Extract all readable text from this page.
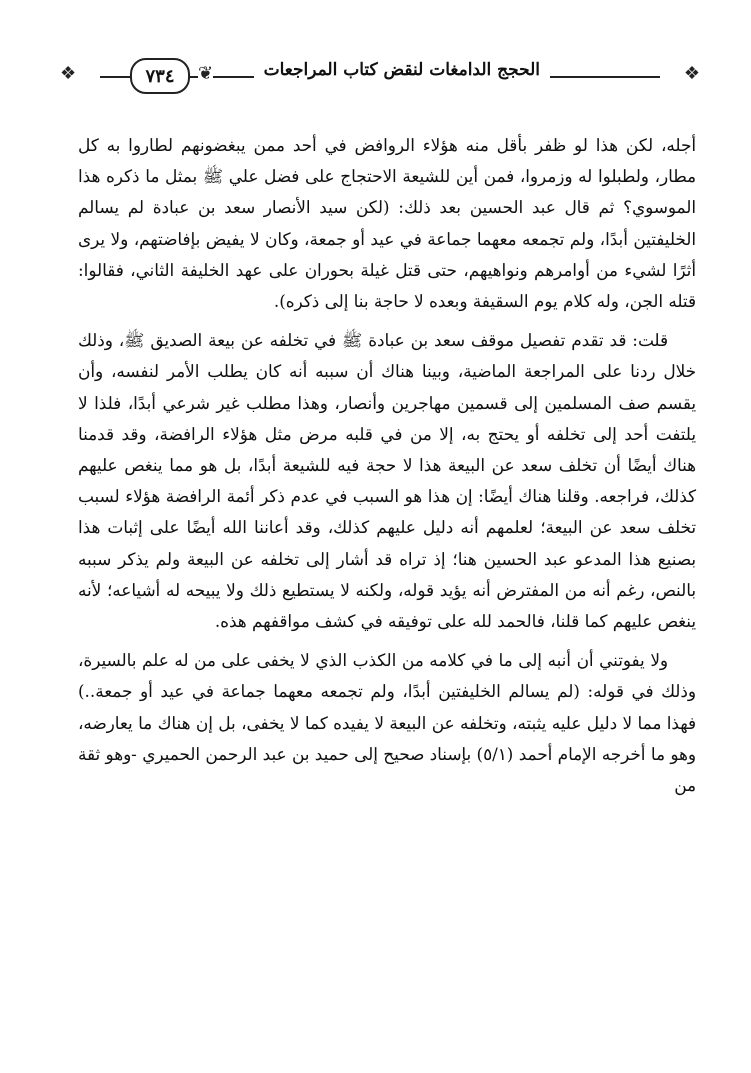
❖	❦
٧٣٤	الحجج الدامغات لنقض كتاب المراجعات	❖

أجله، لكن هذا لو ظفر بأقل منه هؤلاء الروافض في أحد ممن يبغضونهم لطاروا به كل مطار، ولطبلوا له وزمروا، فمن أين للشيعة الاحتجاج على فضل علي ﷺ بمثل ما ذكره هذا الموسوي؟ ثم قال عبد الحسين بعد ذلك: (لكن سيد الأنصار سعد بن عبادة لم يسالم الخليفتين أبدًا، ولم تجمعه معهما جماعة في عيد أو جمعة، وكان لا يفيض بإفاضتهم، ولا يرى أثرًا لشيء من أوامرهم ونواهيهم، حتى قتل غيلة بحوران على عهد الخليفة الثاني، فقالوا: قتله الجن، وله كلام يوم السقيفة وبعده لا حاجة بنا إلى ذكره).

قلت: قد تقدم تفصيل موقف سعد بن عبادة ﷺ في تخلفه عن بيعة الصديق ﷺ، وذلك خلال ردنا على المراجعة الماضية، وبينا هناك أن سببه أنه كان يطلب الأمر لنفسه، وأن يقسم صف المسلمين إلى قسمين مهاجرين وأنصار، وهذا مطلب غير شرعي أبدًا، فلذا لا يلتفت أحد إلى تخلفه أو يحتج به، إلا من في قلبه مرض مثل هؤلاء الرافضة، وقد قدمنا هناك أيضًا أن تخلف سعد عن البيعة هذا لا حجة فيه للشيعة أبدًا، بل هو مما ينغص عليهم كذلك، فراجعه. وقلنا هناك أيضًا: إن هذا هو السبب في عدم ذكر أئمة الرافضة هؤلاء لسبب تخلف سعد عن البيعة؛ لعلمهم أنه دليل عليهم كذلك، وقد أعاننا الله أيضًا على إثبات هذا بصنيع هذا المدعو عبد الحسين هنا؛ إذ تراه قد أشار إلى تخلفه عن البيعة ولم يذكر سببه بالنص، رغم أنه من المفترض أنه يؤيد قوله، ولكنه لا يستطيع ذلك ولا يبيحه له أشياعه؛ لأنه ينغص عليهم كما قلنا، فالحمد لله على توفيقه في كشف مواقفهم هذه.

ولا يفوتني أن أنبه إلى ما في كلامه من الكذب الذي لا يخفى على من له علم بالسيرة، وذلك في قوله: (لم يسالم الخليفتين أبدًا، ولم تجمعه معهما جماعة في عيد أو جمعة..) فهذا مما لا دليل عليه يثبته، وتخلفه عن البيعة لا يفيده كما لا يخفى، بل إن هناك ما يعارضه، وهو ما أخرجه الإمام أحمد (٥/١) بإسناد صحيح إلى حميد بن عبد الرحمن الحميري -وهو ثقة من
